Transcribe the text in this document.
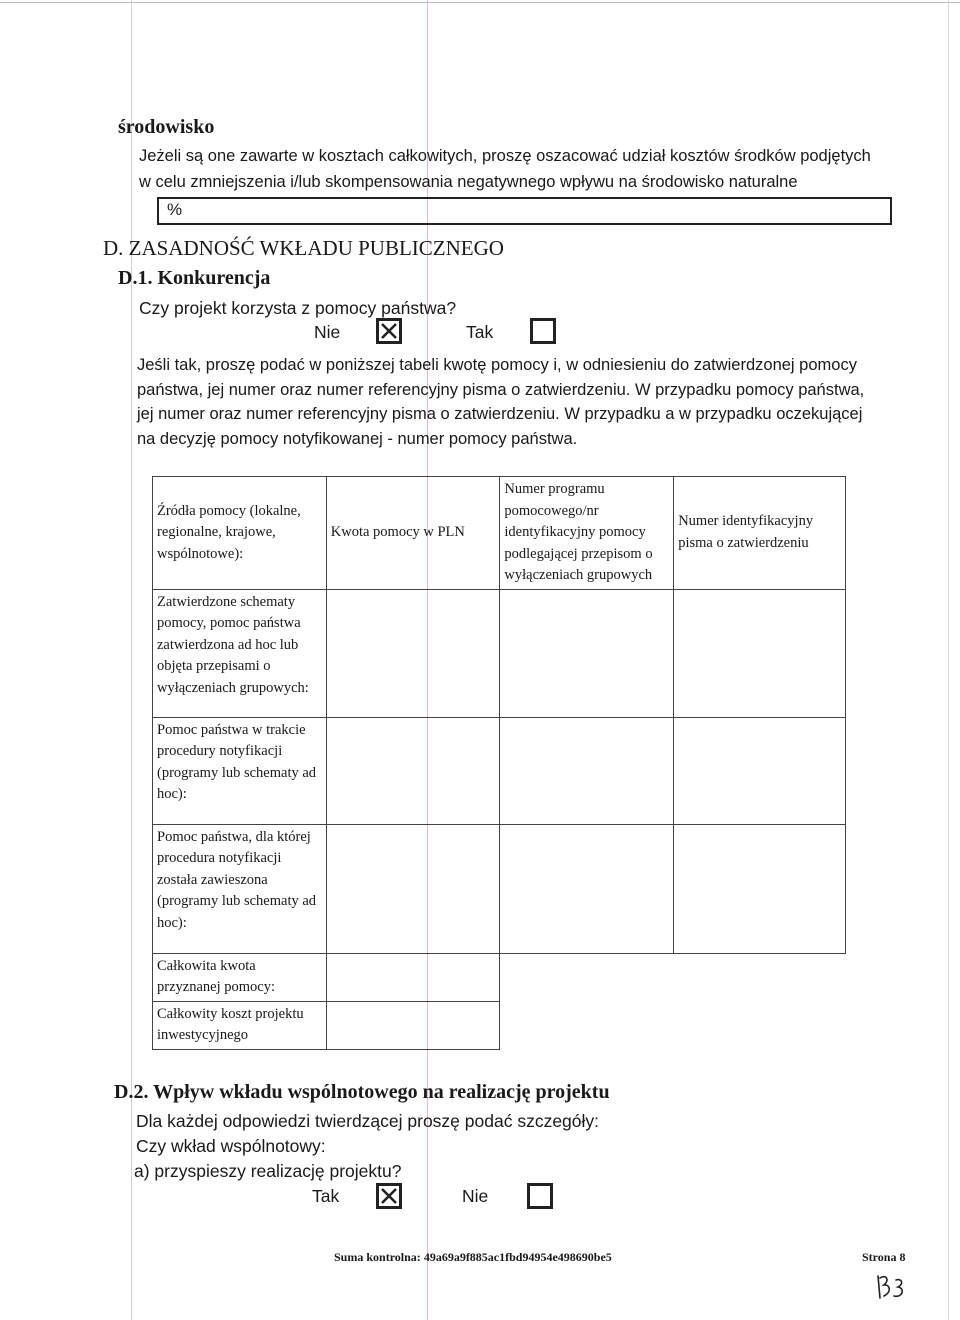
środowisko
Jeżeli są one zawarte w kosztach całkowitych, proszę oszacować udział kosztów środków podjętych
w celu zmniejszenia i/lub skompensowania negatywnego wpływu na środowisko naturalne
%
D. ZASADNOŚĆ WKŁADU PUBLICZNEGO
D.1. Konkurencja
Czy projekt korzysta z pomocy państwa?
Nie	Tak
Jeśli tak, proszę podać w poniższej tabeli kwotę pomocy i, w odniesieniu do zatwierdzonej pomocy
państwa, jej numer oraz numer referencyjny pisma o zatwierdzeniu. W przypadku pomocy państwa,
jej numer oraz numer referencyjny pisma o zatwierdzeniu. W przypadku a w przypadku oczekującej
na decyzję pomocy notyfikowanej - numer pomocy państwa.
Źródła pomocy (lokalne, regionalne, krajowe, wspólnotowe):	Kwota pomocy w PLN	Numer programu pomocowego/nr identyfikacyjny pomocy podlegającej przepisom o wyłączeniach grupowych	Numer identyfikacyjny pisma o zatwierdzeniu
Zatwierdzone schematy pomocy, pomoc państwa zatwierdzona ad hoc lub objęta przepisami o wyłączeniach grupowych:			
Pomoc państwa w trakcie procedury notyfikacji (programy lub schematy ad hoc):			
Pomoc państwa, dla której procedura notyfikacji została zawieszona (programy lub schematy ad hoc):			
Całkowita kwota przyznanej pomocy:			
Całkowity koszt projektu inwestycyjnego			
D.2. Wpływ wkładu wspólnotowego na realizację projektu
Dla każdej odpowiedzi twierdzącej proszę podać szczegóły:
Czy wkład wspólnotowy:
a) przyspieszy realizację projektu?
Tak	Nie
Suma kontrolna: 49a69a9f885ac1fbd94954e498690be5	Strona 8
